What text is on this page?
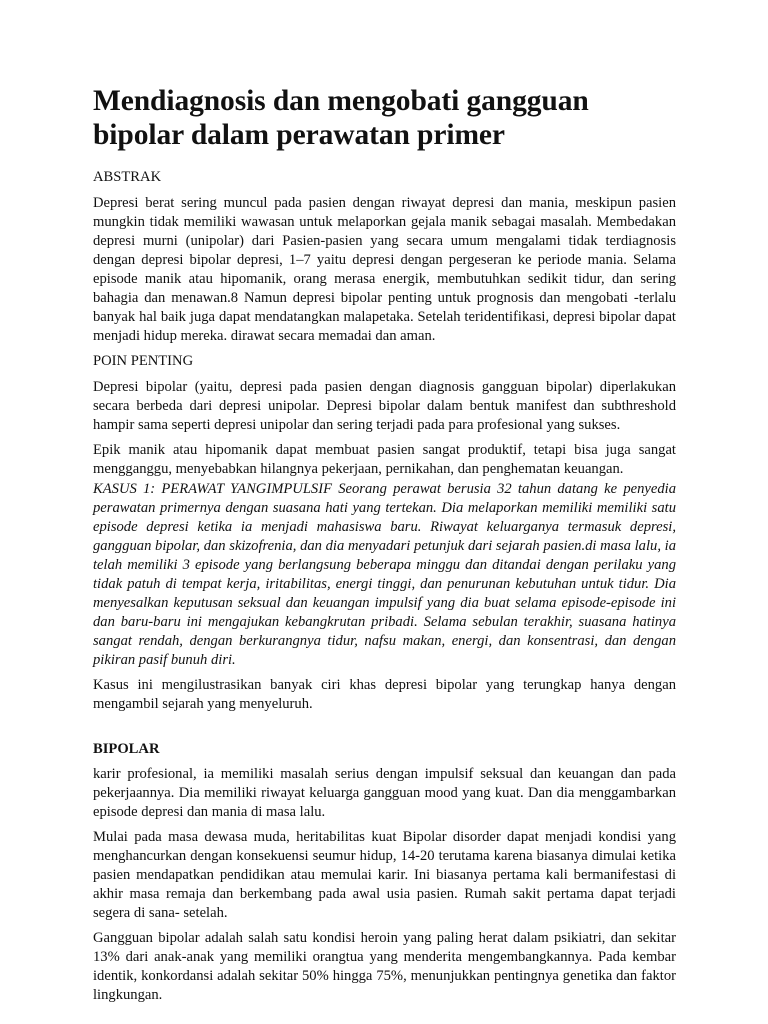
Mendiagnosis dan mengobati gangguan bipolar dalam perawatan primer
ABSTRAK

Depresi berat sering muncul pada pasien dengan riwayat depresi dan mania, meskipun pasien mungkin tidak memiliki wawasan untuk melaporkan gejala manik sebagai masalah. Membedakan depresi murni (unipolar) dari Pasien-pasien yang secara umum mengalami tidak terdiagnosis dengan depresi bipolar depresi, 1–7 yaitu depresi dengan pergeseran ke periode mania. Selama episode manik atau hipomanik, orang merasa energik, membutuhkan sedikit tidur, dan sering bahagia dan menawan.8 Namun depresi bipolar penting untuk prognosis dan mengobati -terlalu banyak hal baik juga dapat mendatangkan malapetaka. Setelah teridentifikasi, depresi bipolar dapat menjadi hidup mereka. dirawat secara memadai dan aman.

POIN PENTING

Depresi bipolar (yaitu, depresi pada pasien dengan diagnosis gangguan bipolar) diperlakukan secara berbeda dari depresi unipolar. Depresi bipolar dalam bentuk manifest dan subthreshold hampir sama seperti depresi unipolar dan sering terjadi pada para profesional yang sukses.

Epik manik atau hipomanik dapat membuat pasien sangat produktif, tetapi bisa juga sangat mengganggu, menyebabkan hilangnya pekerjaan, pernikahan, dan penghematan keuangan.

KASUS 1: PERAWAT YANGIMPULSIF Seorang perawat berusia 32 tahun datang ke penyedia perawatan primernya dengan suasana hati yang tertekan. Dia melaporkan memiliki memiliki satu episode depresi ketika ia menjadi mahasiswa baru. Riwayat keluarganya termasuk depresi, gangguan bipolar, dan skizofrenia, dan dia menyadari petunjuk dari sejarah pasien.di masa lalu, ia telah memiliki 3 episode yang berlangsung beberapa minggu dan ditandai dengan perilaku yang tidak patuh di tempat kerja, iritabilitas, energi tinggi, dan penurunan kebutuhan untuk tidur. Dia menyesalkan keputusan seksual dan keuangan impulsif yang dia buat selama episode-episode ini dan baru-baru ini mengajukan kebangkrutan pribadi. Selama sebulan terakhir, suasana hatinya sangat rendah, dengan berkurangnya tidur, nafsu makan, energi, dan konsentrasi, dan dengan pikiran pasif bunuh diri.

Kasus ini mengilustrasikan banyak ciri khas depresi bipolar yang terungkap hanya dengan mengambil sejarah yang menyeluruh.

BIPOLAR

karir profesional, ia memiliki masalah serius dengan impulsif seksual dan keuangan dan pada pekerjaannya. Dia memiliki riwayat keluarga gangguan mood yang kuat. Dan dia menggambarkan episode depresi dan mania di masa lalu.

Mulai pada masa dewasa muda, heritabilitas kuat Bipolar disorder dapat menjadi kondisi yang menghancurkan dengan konsekuensi seumur hidup, 14-20 terutama karena biasanya dimulai ketika pasien mendapatkan pendidikan atau memulai karir. Ini biasanya pertama kali bermanifestasi di akhir masa remaja dan berkembang pada awal usia pasien. Rumah sakit pertama dapat terjadi segera di sana- setelah.

Gangguan bipolar adalah salah satu kondisi heroin yang paling herat dalam psikiatri, dan sekitar 13% dari anak-anak yang memiliki orangtua yang menderita mengembangkannya. Pada kembar identik, konkordansi adalah sekitar 50% hingga 75%, menunjukkan pentingnya genetika dan faktor lingkungan.
